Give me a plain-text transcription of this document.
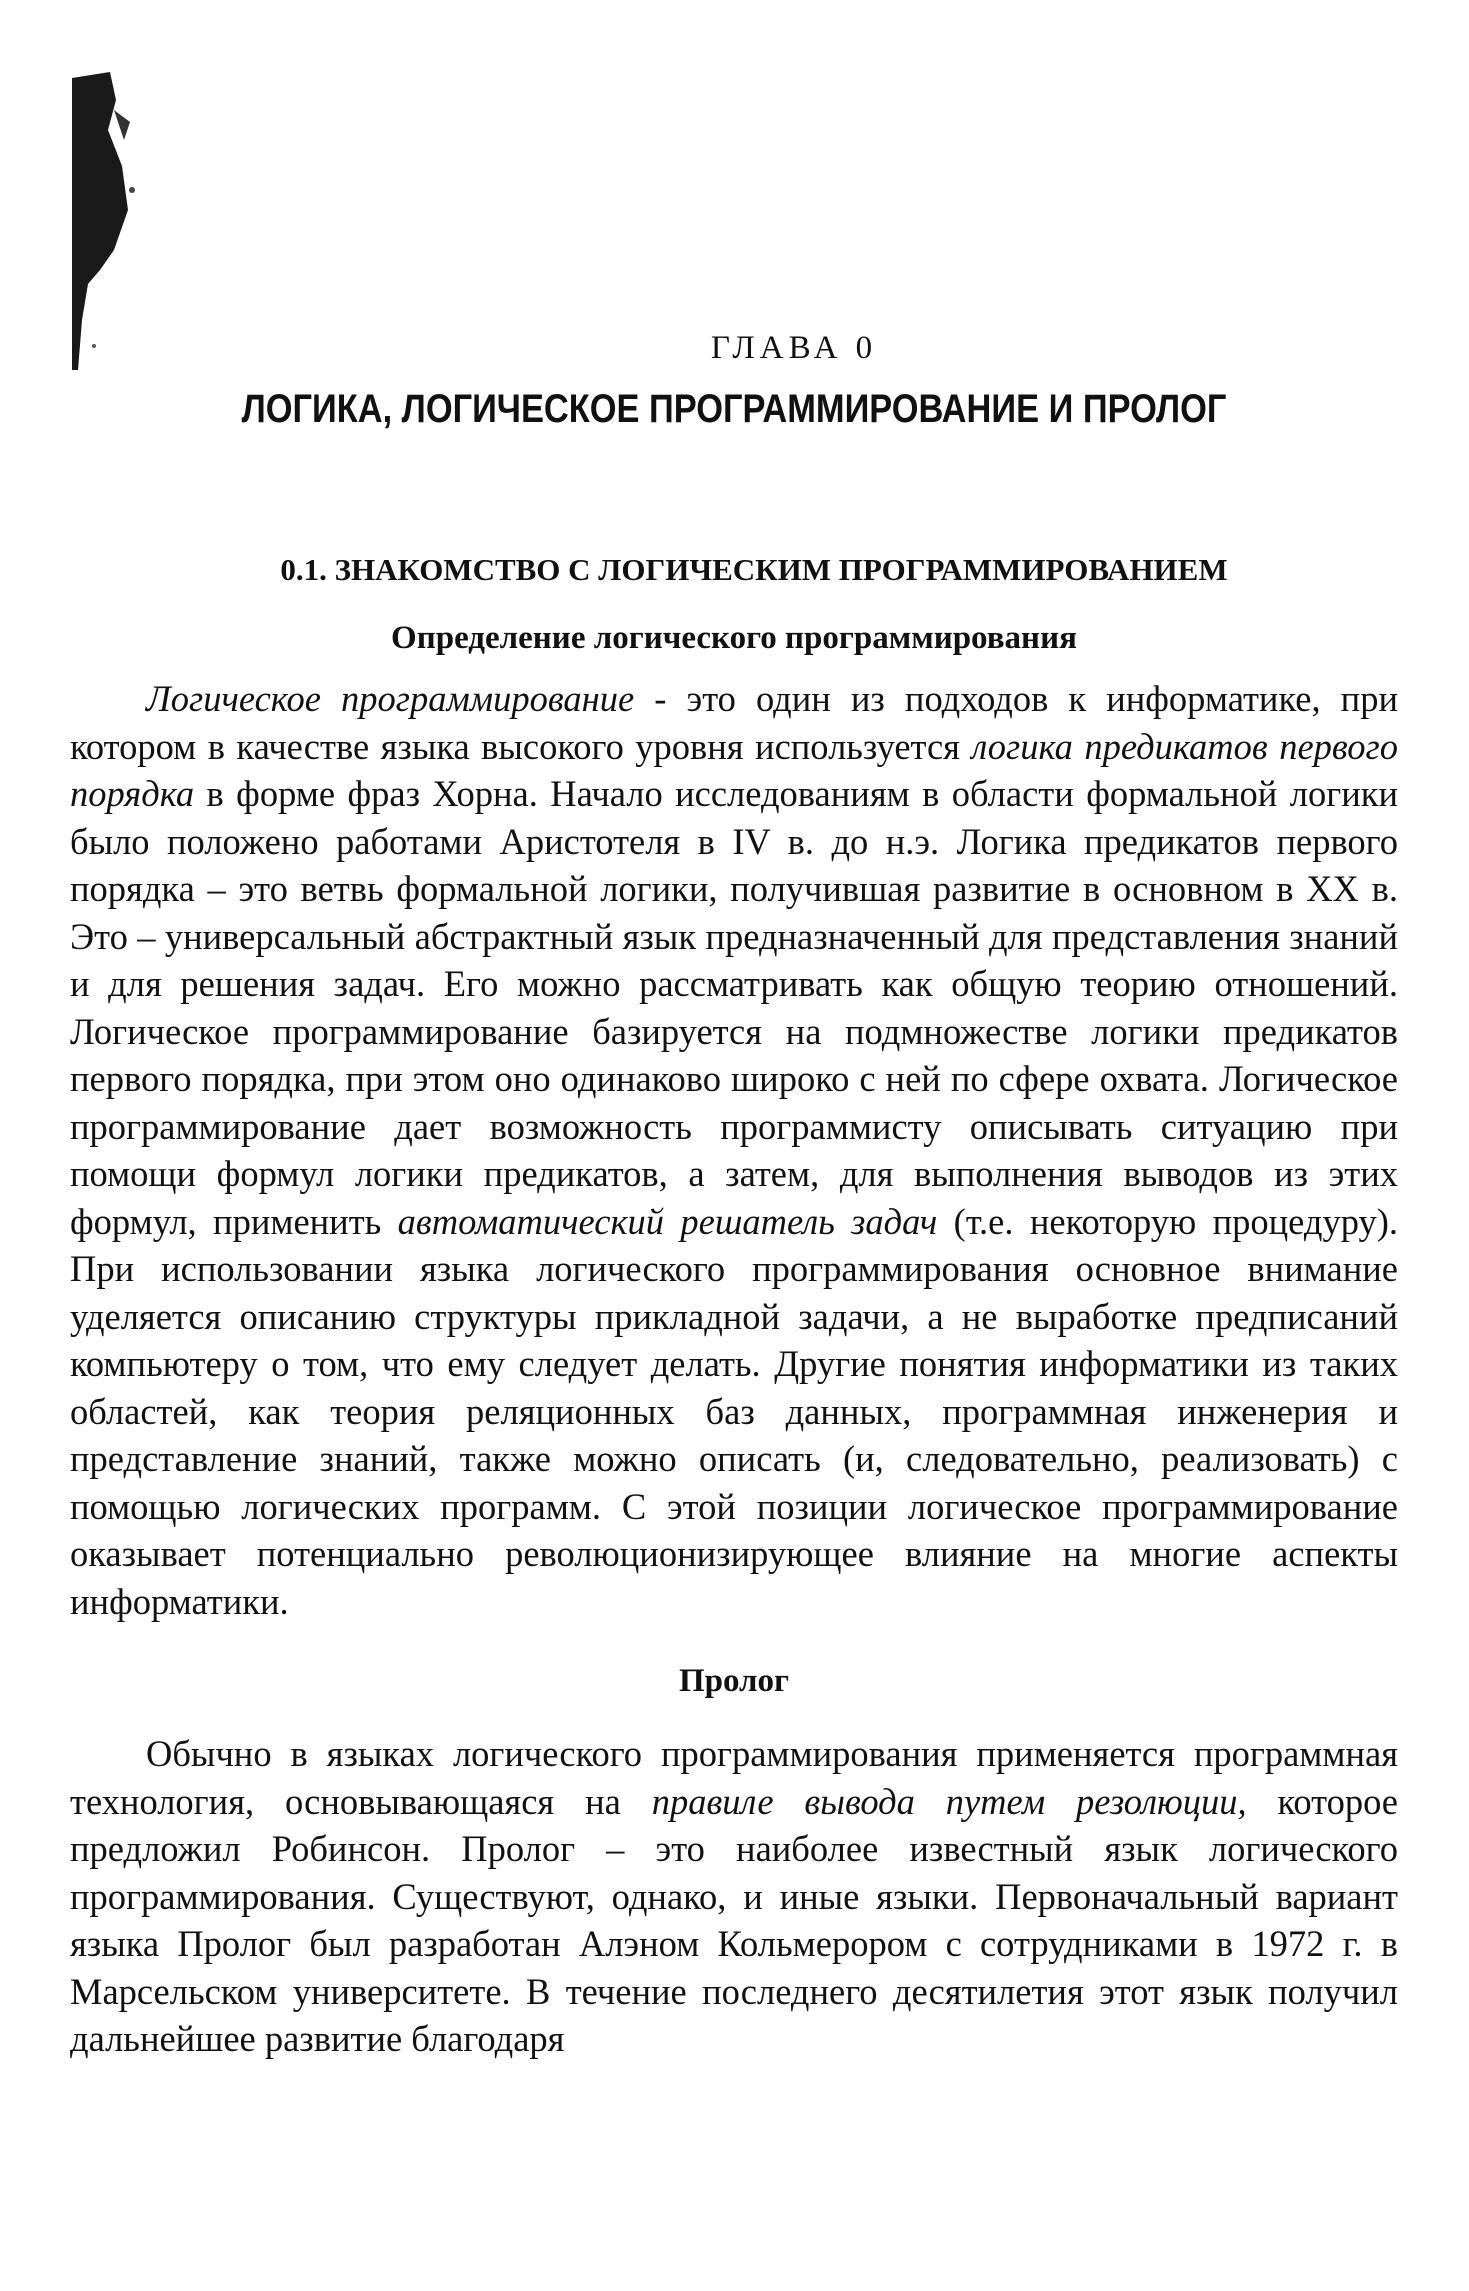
ГЛАВА 0
ЛОГИКА, ЛОГИЧЕСКОЕ ПРОГРАММИРОВАНИЕ И ПРОЛОГ
0.1. ЗНАКОМСТВО С ЛОГИЧЕСКИМ ПРОГРАММИРОВАНИЕМ
Определение логического программирования

Логическое программирование - это один из подходов к информатике, при котором в качестве языка высокого уровня используется логика предикатов первого порядка в форме фраз Хорна. Начало исследованиям в области формальной логики было положено работами Аристотеля в IV в. до н.э. Логика предикатов первого порядка – это ветвь формальной логики, получившая развитие в основном в XX в. Это – универсальный абстрактный язык предназначенный для представления знаний и для решения задач. Его можно рассматривать как общую теорию отношений. Логическое программирование базируется на подмножестве логики предикатов первого порядка, при этом оно одинаково широко с ней по сфере охвата. Логическое программирование дает возможность программисту описывать ситуацию при помощи формул логики предикатов, а затем, для выполнения выводов из этих формул, применить автоматический решатель задач (т.е. некоторую процедуру). При использовании языка логического программирования основное внимание уделяется описанию структуры прикладной задачи, а не выработке предписаний компьютеру о том, что ему следует делать. Другие понятия информатики из таких областей, как теория реляционных баз данных, программная инженерия и представление знаний, также можно описать (и, следовательно, реализовать) с помощью логических программ. С этой позиции логическое программирование оказывает потенциально революционизирующее влияние на многие аспекты информатики.

Пролог

Обычно в языках логического программирования применяется программная технология, основывающаяся на правиле вывода путем резолюции, которое предложил Робинсон. Пролог – это наиболее известный язык логического программирования. Существуют, однако, и иные языки. Первоначальный вариант языка Пролог был разработан Алэном Кольмерором с сотрудниками в 1972 г. в Марсельском университете. В течение последнего десятилетия этот язык получил дальнейшее развитие благодаря
